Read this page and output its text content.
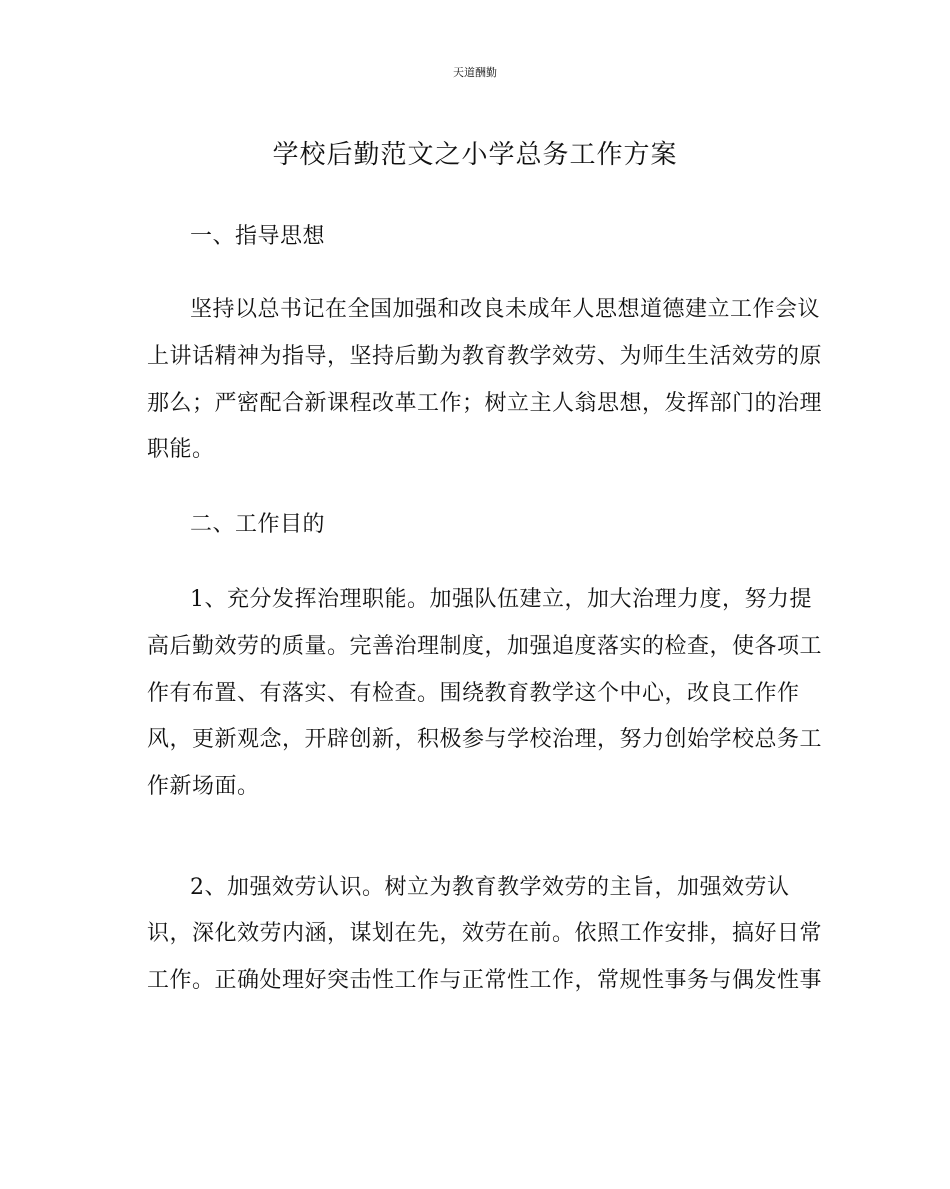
天道酬勤
学校后勤范文之小学总务工作方案
一、指导思想
坚持以总书记在全国加强和改良未成年人思想道德建立工作会议
上讲话精神为指导，坚持后勤为教育教学效劳、为师生生活效劳的原
那么；严密配合新课程改革工作；树立主人翁思想，发挥部门的治理
职能。
二、工作目的
1、充分发挥治理职能。加强队伍建立，加大治理力度，努力提
高后勤效劳的质量。完善治理制度，加强追度落实的检查，使各项工
作有布置、有落实、有检查。围绕教育教学这个中心，改良工作作
风，更新观念，开辟创新，积极参与学校治理，努力创始学校总务工
作新场面。
2、加强效劳认识。树立为教育教学效劳的主旨，加强效劳认
识，深化效劳内涵，谋划在先，效劳在前。依照工作安排，搞好日常
工作。正确处理好突击性工作与正常性工作，常规性事务与偶发性事
